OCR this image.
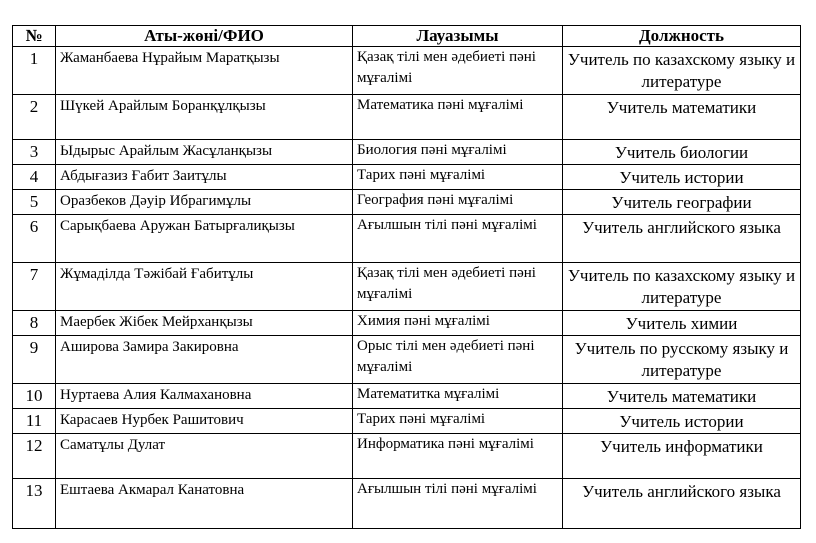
№	Аты-жөні/ФИО	Лауазымы	Должность
1	Жаманбаева Нұрайым Маратқызы	Қазақ тілі мен әдебиеті пәні мұғалімі	Учитель по казахскому языку и литературе
2	Шүкей Арайлым Боранқұлқызы	Математика пәні мұғалімі	Учитель математики
3	Ыдырыс Арайлым Жасұланқызы	Биология пәні мұғалімі	Учитель биологии
4	Абдығазиз Ғабит Заитұлы	Тарих пәні мұғалімі	Учитель истории
5	Оразбеков Дәуір Ибрагимұлы	География пәні мұғалімі	Учитель географии
6	Сарықбаева Аружан Батырғалиқызы	Ағылшын тілі пәні мұғалімі	Учитель английского языка
7	Жұмаділда Тәжібай Ғабитұлы	Қазақ тілі мен әдебиеті пәні мұғалімі	Учитель по казахскому языку и литературе
8	Маербек Жібек Мейрханқызы	Химия пәні мұғалімі	Учитель химии
9	Аширова Замира Закировна	Орыс тілі мен әдебиеті пәні мұғалімі	Учитель по русскому языку и литературе
10	Нуртаева Алия Калмахановна	Математитка мұғалімі	Учитель математики
11	Карасаев Нурбек Рашитович	Тарих пәні мұғалімі	Учитель истории
12	Саматұлы Дулат	Информатика пәні мұғалімі	Учитель информатики
13	Ештаева Акмарал Канатовна	Ағылшын тілі пәні мұғалімі	Учитель английского языка
